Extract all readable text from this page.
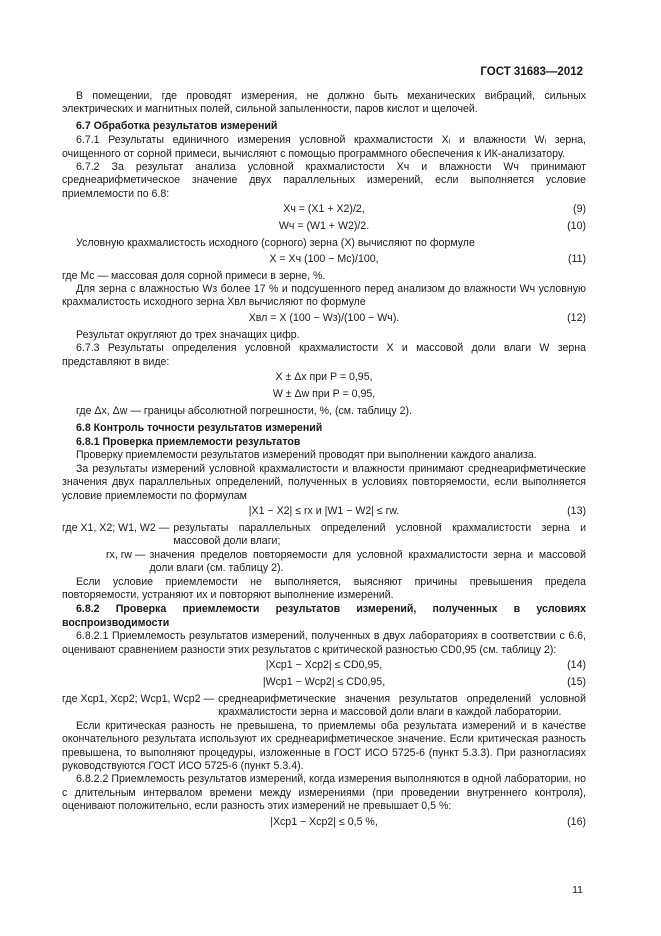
ГОСТ 31683—2012

В помещении, где проводят измерения, не должно быть механических вибраций, сильных электрических и магнитных полей, сильной запыленности, паров кислот и щелочей.

6.7 Обработка результатов измерений

6.7.1 Результаты единичного измерения условной крахмалистости Xᵢ и влажности Wᵢ зерна, очищенного от сорной примеси, вычисляют с помощью программного обеспечения к ИК-анализатору.

6.7.2 За результат анализа условной крахмалистости Xч и влажности Wч принимают среднеарифметическое значение двух параллельных измерений, если выполняется условие приемлемости по 6.8:

Xч = (X1 + X2)/2,	(9)
Wч = (W1 + W2)/2.	(10)

Условную крахмалистость исходного (сорного) зерна (X) вычисляют по формуле

X = Xч (100 − Mc)/100,	(11)

где Mc — массовая доля сорной примеси в зерне, %.

Для зерна с влажностью Wз более 17 % и подсушенного перед анализом до влажности Wч условную крахмалистость исходного зерна Xвл вычисляют по формуле

Xвл = X (100 − Wз)/(100 − Wч).	(12)

Результат округляют до трех значащих цифр.

6.7.3 Результаты определения условной крахмалистости X и массовой доли влаги W зерна представляют в виде:

X ± Δx при P = 0,95,
W ± Δw при P = 0,95,

где Δx, Δw — границы абсолютной погрешности, %, (см. таблицу 2).

6.8 Контроль точности результатов измерений
6.8.1 Проверка приемлемости результатов

Проверку приемлемости результатов измерений проводят при выполнении каждого анализа.

За результаты измерений условной крахмалистости и влажности принимают среднеарифметические значения двух параллельных определений, полученных в условиях повторяемости, если выполняется условие приемлемости по формулам

|X1 − X2| ≤ rx и |W1 − W2| ≤ rw.	(13)
где X1, X2; W1, W2 — результаты параллельных определений условной крахмалистости зерна и массовой доли влаги;
rx, rw — значения пределов повторяемости для условной крахмалистости зерна и массовой доли влаги (см. таблицу 2).

Если условие приемлемости не выполняется, выясняют причины превышения предела повторяемости, устраняют их и повторяют выполнение измерений.

6.8.2 Проверка приемлемости результатов измерений, полученных в условиях воспроизводимости

6.8.2.1 Приемлемость результатов измерений, полученных в двух лабораториях в соответствии с 6.6, оценивают сравнением разности этих результатов с критической разностью CD0,95 (см. таблицу 2):

|Xср1 − Xср2| ≤ CD0,95,	(14)
|Wср1 − Wср2| ≤ CD0,95,	(15)
где Xср1, Xср2; Wср1, Wср2 — среднеарифметические значения результатов определений условной крахмалистости зерна и массовой доли влаги в каждой лаборатории.

Если критическая разность не превышена, то приемлемы оба результата измерений и в качестве окончательного результата используют их среднеарифметическое значение. Если критическая разность превышена, то выполняют процедуры, изложенные в ГОСТ ИСО 5725-6 (пункт 5.3.3). При разногласиях руководствуются ГОСТ ИСО 5725-6 (пункт 5.3.4).

6.8.2.2 Приемлемость результатов измерений, когда измерения выполняются в одной лаборатории, но с длительным интервалом времени между измерениями (при проведении внутреннего контроля), оценивают положительно, если разность этих измерений не превышает 0,5 %:

|Xср1 − Xср2| ≤ 0,5 %,	(16)
11
